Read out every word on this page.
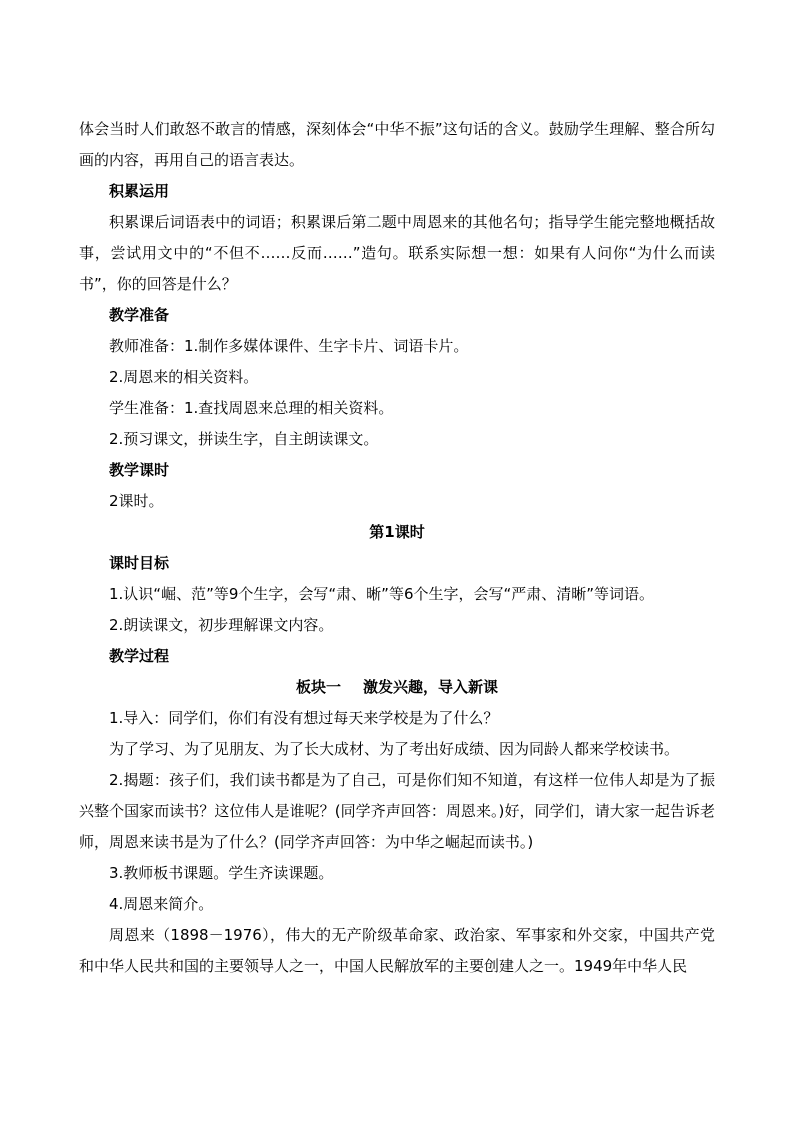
体会当时人们敢怒不敢言的情感，深刻体会“中华不振”这句话的含义。鼓励学生理解、整合所勾画的内容，再用自己的语言表达。

积累运用

积累课后词语表中的词语；积累课后第二题中周恩来的其他名句；指导学生能完整地概括故事，尝试用文中的“不但不……反而……”造句。联系实际想一想：如果有人问你“为什么而读书”，你的回答是什么？

教学准备

教师准备：1.制作多媒体课件、生字卡片、词语卡片。

2.周恩来的相关资料。

学生准备：1.查找周恩来总理的相关资料。

2.预习课文，拼读生字，自主朗读课文。

教学课时

2课时。

第1课时

课时目标

1.认识“崛、范”等9个生字，会写“肃、晰”等6个生字，会写“严肃、清晰”等词语。

2.朗读课文，初步理解课文内容。

教学过程

板块一 激发兴趣，导入新课

1.导入：同学们，你们有没有想过每天来学校是为了什么？

为了学习、为了见朋友、为了长大成材、为了考出好成绩、因为同龄人都来学校读书。

2.揭题：孩子们，我们读书都是为了自己，可是你们知不知道，有这样一位伟人却是为了振兴整个国家而读书？这位伟人是谁呢？(同学齐声回答：周恩来。)好，同学们，请大家一起告诉老师，周恩来读书是为了什么？(同学齐声回答：为中华之崛起而读书。)

3.教师板书课题。学生齐读课题。

4.周恩来简介。

周恩来（1898－1976），伟大的无产阶级革命家、政治家、军事家和外交家，中国共产党和中华人民共和国的主要领导人之一，中国人民解放军的主要创建人之一。1949年中华人民
